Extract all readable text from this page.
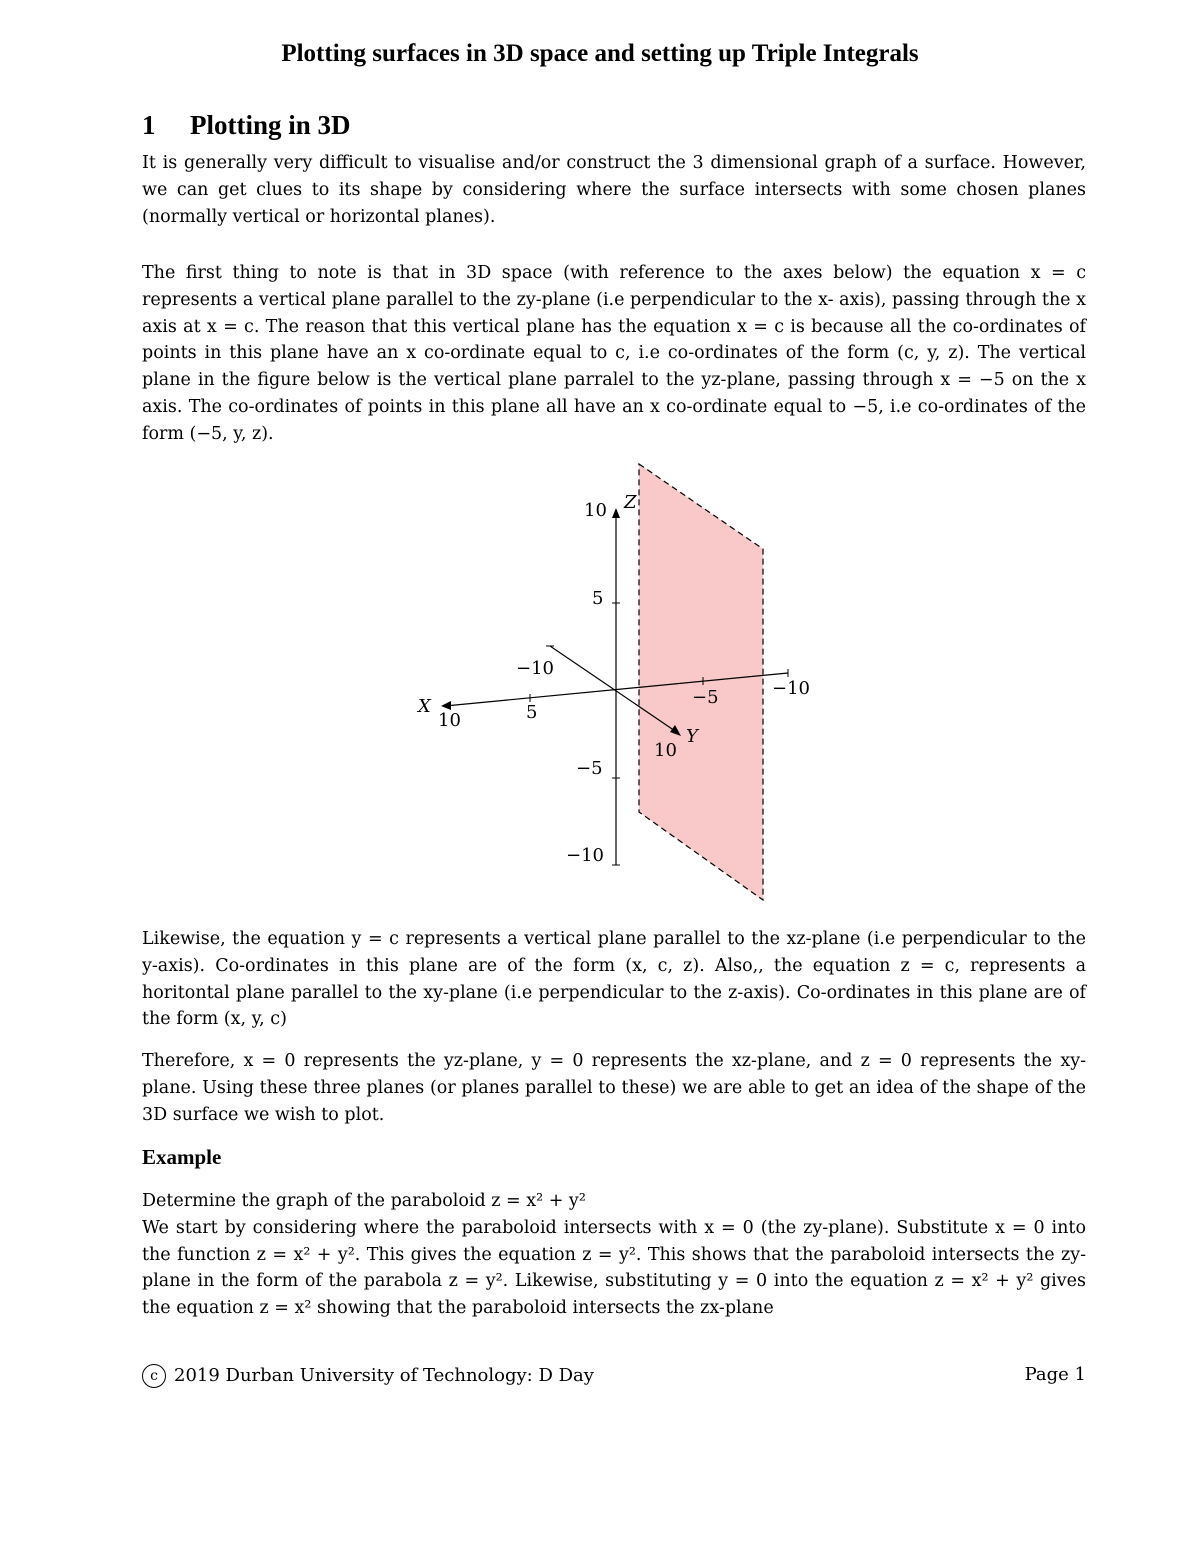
Plotting surfaces in 3D space and setting up Triple Integrals
1 Plotting in 3D

It is generally very difficult to visualise and/or construct the 3 dimensional graph of a surface. However, we can get clues to its shape by considering where the surface intersects with some chosen planes (normally vertical or horizontal planes).

The first thing to note is that in 3D space (with reference to the axes below) the equation x = c represents a vertical plane parallel to the zy-plane (i.e perpendicular to the x- axis), passing through the x axis at x = c. The reason that this vertical plane has the equation x = c is because all the co-ordinates of points in this plane have an x co-ordinate equal to c, i.e co-ordinates of the form (c, y, z). The vertical plane in the figure below is the vertical plane parralel to the yz-plane, passing through x = −5 on the x axis. The co-ordinates of points in this plane all have an x co-ordinate equal to −5, i.e co-ordinates of the form (−5, y, z).

Z
X
Y
10
5
−5
−10
10	5
−5	−10
−10
10

Likewise, the equation y = c represents a vertical plane parallel to the xz-plane (i.e perpendicular to the y-axis). Co-ordinates in this plane are of the form (x, c, z). Also,, the equation z = c, represents a horitontal plane parallel to the xy-plane (i.e perpendicular to the z-axis). Co-ordinates in this plane are of the form (x, y, c)

Therefore, x = 0 represents the yz-plane, y = 0 represents the xz-plane, and z = 0 represents the xy-plane. Using these three planes (or planes parallel to these) we are able to get an idea of the shape of the 3D surface we wish to plot.

Example

Determine the graph of the paraboloid z = x² + y²
We start by considering where the paraboloid intersects with x = 0 (the zy-plane). Substitute x = 0 into the function z = x² + y². This gives the equation z = y². This shows that the paraboloid intersects the zy-plane in the form of the parabola z = y². Likewise, substituting y = 0 into the equation z = x² + y² gives the equation z = x² showing that the paraboloid intersects the zx-plane

c 2019 Durban University of Technology: D Day	Page 1
